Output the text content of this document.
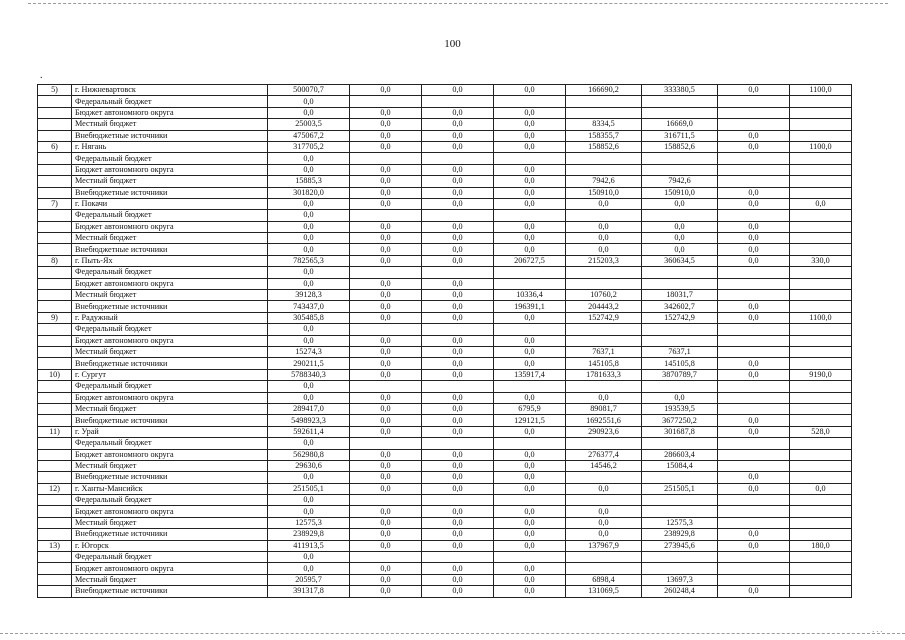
100
.
5)	г. Нижневартовск	500070,7	0,0	0,0	0,0	166690,2	333380,5	0,0	1100,0
	Федеральный бюджет	0,0							
	Бюджет автономного округа	0,0	0,0	0,0	0,0				
	Местный бюджет	25003,5	0,0	0,0	0,0	8334,5	16669,0		
	Внебюджетные источники	475067,2	0,0	0,0	0,0	158355,7	316711,5	0,0	
6)	г. Нягань	317705,2	0,0	0,0	0,0	158852,6	158852,6	0,0	1100,0
	Федеральный бюджет	0,0							
	Бюджет автономного округа	0,0	0,0	0,0	0,0				
	Местный бюджет	15885,3	0,0	0,0	0,0	7942,6	7942,6		
	Внебюджетные источники	301820,0	0,0	0,0	0,0	150910,0	150910,0	0,0	
7)	г. Покачи	0,0	0,0	0,0	0,0	0,0	0,0	0,0	0,0
	Федеральный бюджет	0,0							
	Бюджет автономного округа	0,0	0,0	0,0	0,0	0,0	0,0	0,0	
	Местный бюджет	0,0	0,0	0,0	0,0	0,0	0,0	0,0	
	Внебюджетные источники	0,0	0,0	0,0	0,0	0,0	0,0	0,0	
8)	г. Пыть-Ях	782565,3	0,0	0,0	206727,5	215203,3	360634,5	0,0	330,0
	Федеральный бюджет	0,0							
	Бюджет автономного округа	0,0	0,0	0,0					
	Местный бюджет	39128,3	0,0	0,0	10336,4	10760,2	18031,7		
	Внебюджетные источники	743437,0	0,0	0,0	196391,1	204443,2	342602,7	0,0	
9)	г. Радужный	305485,8	0,0	0,0	0,0	152742,9	152742,9	0,0	1100,0
	Федеральный бюджет	0,0							
	Бюджет автономного округа	0,0	0,0	0,0	0,0				
	Местный бюджет	15274,3	0,0	0,0	0,0	7637,1	7637,1		
	Внебюджетные источники	290211,5	0,0	0,0	0,0	145105,8	145105,8	0,0	
10)	г. Сургут	5788340,3	0,0	0,0	135917,4	1781633,3	3870789,7	0,0	9190,0
	Федеральный бюджет	0,0							
	Бюджет автономного округа	0,0	0,0	0,0	0,0	0,0	0,0		
	Местный бюджет	289417,0	0,0	0,0	6795,9	89081,7	193539,5		
	Внебюджетные источники	5498923,3	0,0	0,0	129121,5	1692551,6	3677250,2	0,0	
11)	г. Урай	592611,4	0,0	0,0	0,0	290923,6	301687,8	0,0	528,0
	Федеральный бюджет	0,0							
	Бюджет автономного округа	562980,8	0,0	0,0	0,0	276377,4	286603,4		
	Местный бюджет	29630,6	0,0	0,0	0,0	14546,2	15084,4		
	Внебюджетные источники	0,0	0,0	0,0	0,0			0,0	
12)	г. Ханты-Мансийск	251505,1	0,0	0,0	0,0	0,0	251505,1	0,0	0,0
	Федеральный бюджет	0,0							
	Бюджет автономного округа	0,0	0,0	0,0	0,0	0,0			
	Местный бюджет	12575,3	0,0	0,0	0,0	0,0	12575,3		
	Внебюджетные источники	238929,8	0,0	0,0	0,0	0,0	238929,8	0,0	
13)	г. Югорск	411913,5	0,0	0,0	0,0	137967,9	273945,6	0,0	180,0
	Федеральный бюджет	0,0							
	Бюджет автономного округа	0,0	0,0	0,0	0,0				
	Местный бюджет	20595,7	0,0	0,0	0,0	6898,4	13697,3		
	Внебюджетные источники	391317,8	0,0	0,0	0,0	131069,5	260248,4	0,0	
· · ·
